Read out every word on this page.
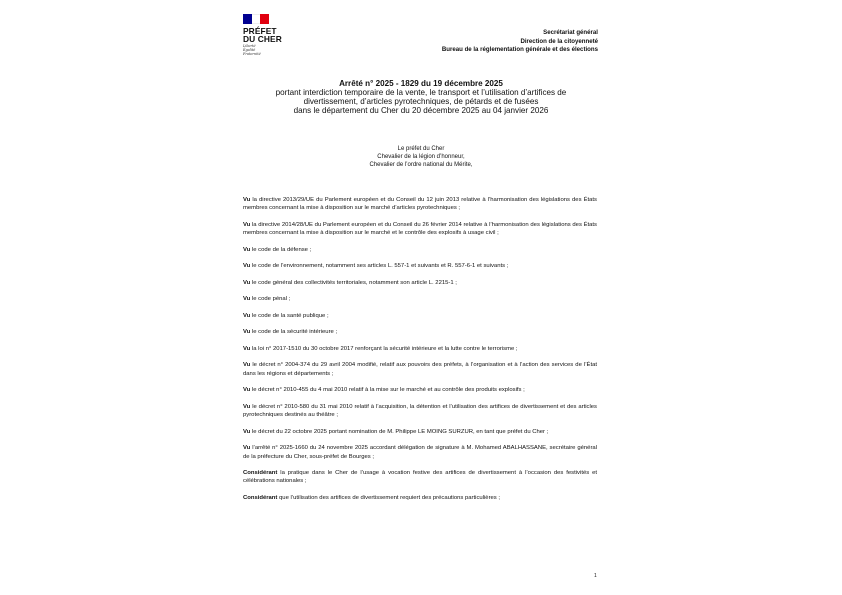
PRÉFET
DU CHER
Liberté
Égalité
Fraternité
Secrétariat général
Direction de la citoyenneté
Bureau de la réglementation générale et des élections
Arrêté n° 2025 - 1829 du 19 décembre 2025
portant interdiction temporaire de la vente, le transport et l’utilisation d’artifices de
divertissement, d’articles pyrotechniques, de pétards et de fusées
dans le département du Cher du 20 décembre 2025 au 04 janvier 2026
Le préfet du Cher
Chevalier de la légion d’honneur,
Chevalier de l’ordre national du Mérite,

Vu la directive 2013/29/UE du Parlement européen et du Conseil du 12 juin 2013 relative à l’harmonisation des législations des États membres concernant la mise à disposition sur le marché d’articles pyrotechniques ;

Vu la directive 2014/28/UE du Parlement européen et du Conseil du 26 février 2014 relative à l’harmonisation des législations des États membres concernant la mise à disposition sur le marché et le contrôle des explosifs à usage civil ;

Vu le code de la défense ;

Vu le code de l’environnement, notamment ses articles L. 557-1 et suivants et R. 557-6-1 et suivants ;

Vu le code général des collectivités territoriales, notamment son article L. 2215-1 ;

Vu le code pénal ;

Vu le code de la santé publique ;

Vu le code de la sécurité intérieure ;

Vu la loi n° 2017-1510 du 30 octobre 2017 renforçant la sécurité intérieure et la lutte contre le terrorisme ;

Vu le décret n° 2004-374 du 29 avril 2004 modifié, relatif aux pouvoirs des préfets, à l’organisation et à l’action des services de l’État dans les régions et départements ;

Vu le décret n° 2010-455 du 4 mai 2010 relatif à la mise sur le marché et au contrôle des produits explosifs ;

Vu le décret n° 2010-580 du 31 mai 2010 relatif à l’acquisition, la détention et l’utilisation des artifices de divertissement et des articles pyrotechniques destinés au théâtre ;

Vu le décret du 22 octobre 2025 portant nomination de M. Philippe LE MOING SURZUR, en tant que préfet du Cher ;

Vu l’arrêté n° 2025-1660 du 24 novembre 2025 accordant délégation de signature à M. Mohamed ABALHASSANE, secrétaire général de la préfecture du Cher, sous-préfet de Bourges ;

Considérant la pratique dans le Cher de l’usage à vocation festive des artifices de divertissement à l’occasion des festivités et célébrations nationales ;

Considérant que l’utilisation des artifices de divertissement requiert des précautions particulières ;

1
